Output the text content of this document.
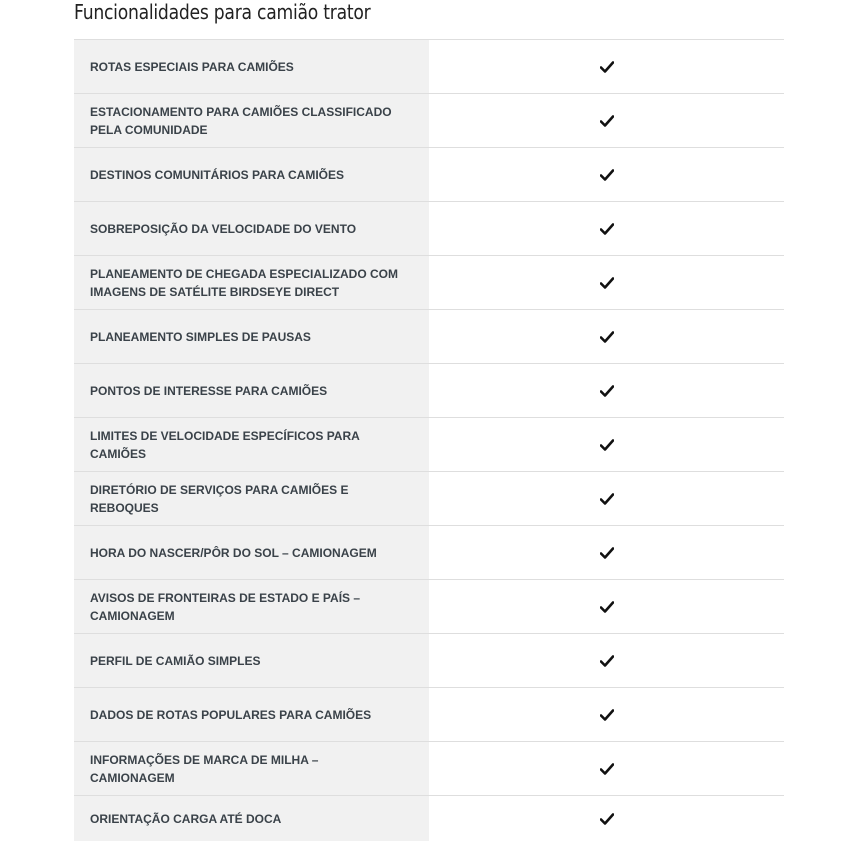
Funcionalidades para camião trator
ROTAS ESPECIAIS PARA CAMIÕES
ESTACIONAMENTO PARA CAMIÕES CLASSIFICADO PELA COMUNIDADE
DESTINOS COMUNITÁRIOS PARA CAMIÕES
SOBREPOSIÇÃO DA VELOCIDADE DO VENTO
PLANEAMENTO DE CHEGADA ESPECIALIZADO COM IMAGENS DE SATÉLITE BIRDSEYE DIRECT
PLANEAMENTO SIMPLES DE PAUSAS
PONTOS DE INTERESSE PARA CAMIÕES
LIMITES DE VELOCIDADE ESPECÍFICOS PARA CAMIÕES
DIRETÓRIO DE SERVIÇOS PARA CAMIÕES E REBOQUES
HORA DO NASCER/PÔR DO SOL – CAMIONAGEM
AVISOS DE FRONTEIRAS DE ESTADO E PAÍS – CAMIONAGEM
PERFIL DE CAMIÃO SIMPLES
DADOS DE ROTAS POPULARES PARA CAMIÕES
INFORMAÇÕES DE MARCA DE MILHA – CAMIONAGEM
ORIENTAÇÃO CARGA ATÉ DOCA
